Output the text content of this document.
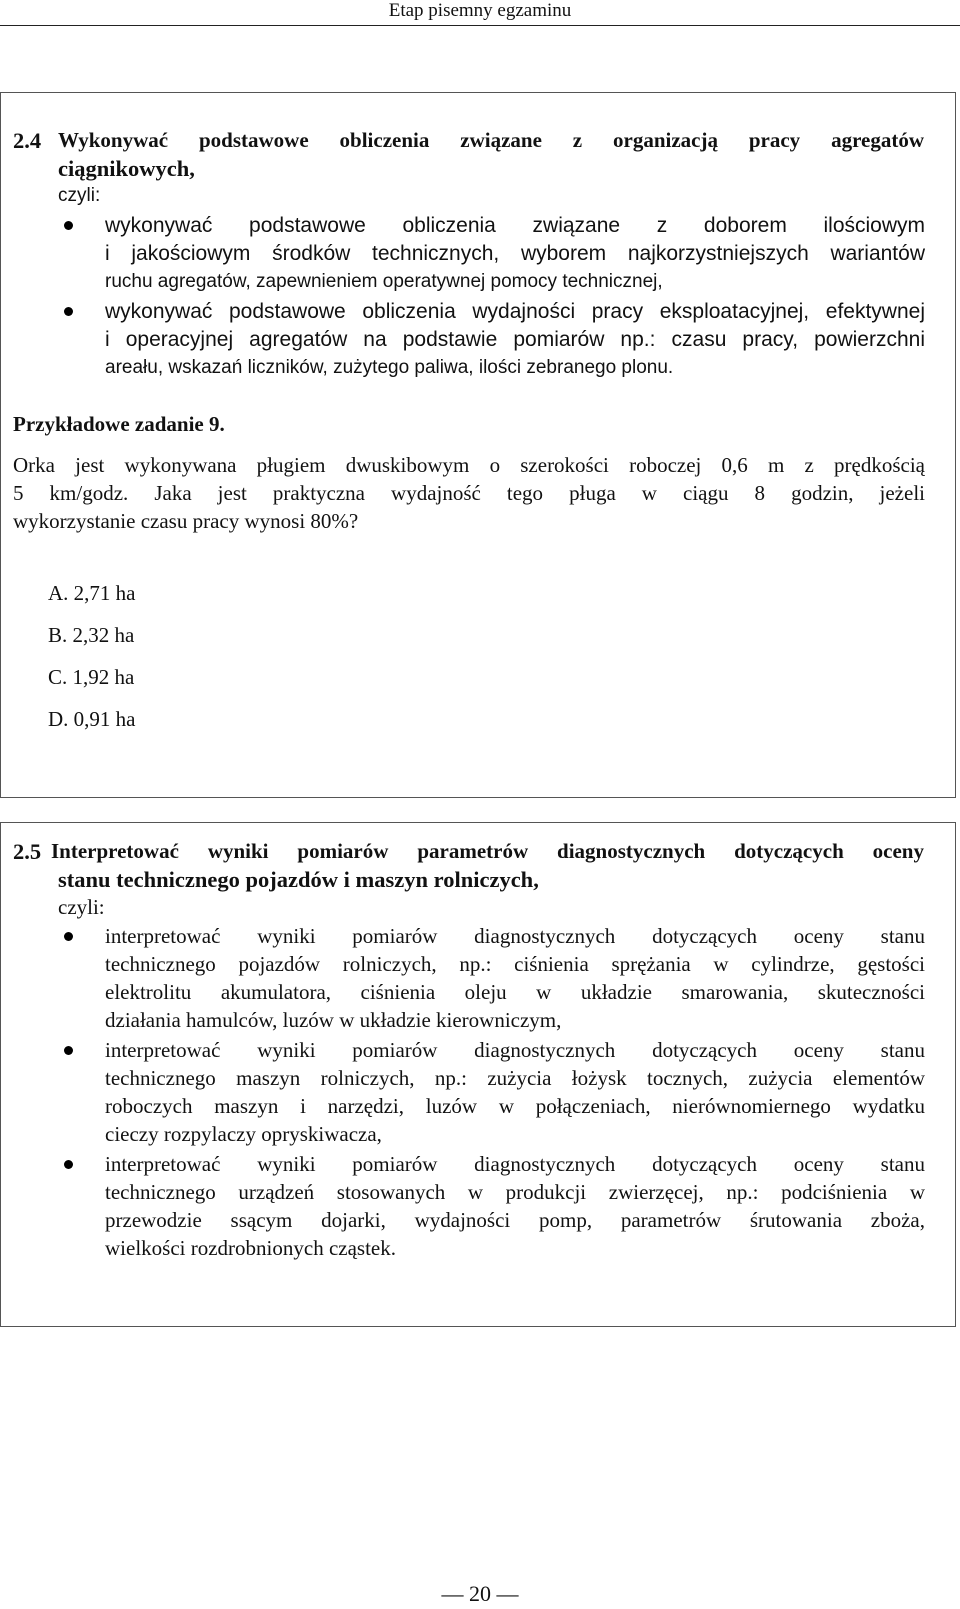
Etap pisemny egzaminu
2.4 Wykonywać podstawowe obliczenia związane z organizacją pracy agregatów
ciągnikowych,
czyli:
wykonywać podstawowe obliczenia związane z doborem ilościowym
i jakościowym środków technicznych, wyborem najkorzystniejszych wariantów
ruchu agregatów, zapewnieniem operatywnej pomocy technicznej,
wykonywać podstawowe obliczenia wydajności pracy eksploatacyjnej, efektywnej
i operacyjnej agregatów na podstawie pomiarów np.: czasu pracy, powierzchni
areału, wskazań liczników, zużytego paliwa, ilości zebranego plonu.
Przykładowe zadanie 9.
Orka jest wykonywana pługiem dwuskibowym o szerokości roboczej 0,6 m z prędkością
5 km/godz. Jaka jest praktyczna wydajność tego pługa w ciągu 8 godzin, jeżeli
wykorzystanie czasu pracy wynosi 80%?
A. 2,71 ha
B. 2,32 ha
C. 1,92 ha
D. 0,91 ha
2.5 Interpretować wyniki pomiarów parametrów diagnostycznych dotyczących oceny
stanu technicznego pojazdów i maszyn rolniczych,
czyli:
interpretować wyniki pomiarów diagnostycznych dotyczących oceny stanu
technicznego pojazdów rolniczych, np.: ciśnienia sprężania w cylindrze, gęstości
elektrolitu akumulatora, ciśnienia oleju w układzie smarowania, skuteczności
działania hamulców, luzów w układzie kierowniczym,
interpretować wyniki pomiarów diagnostycznych dotyczących oceny stanu
technicznego maszyn rolniczych, np.: zużycia łożysk tocznych, zużycia elementów
roboczych maszyn i narzędzi, luzów w połączeniach, nierównomiernego wydatku
cieczy rozpylaczy opryskiwacza,
interpretować wyniki pomiarów diagnostycznych dotyczących oceny stanu
technicznego urządzeń stosowanych w produkcji zwierzęcej, np.: podciśnienia w
przewodzie ssącym dojarki, wydajności pomp, parametrów śrutowania zboża,
wielkości rozdrobnionych cząstek.
— 20 —
